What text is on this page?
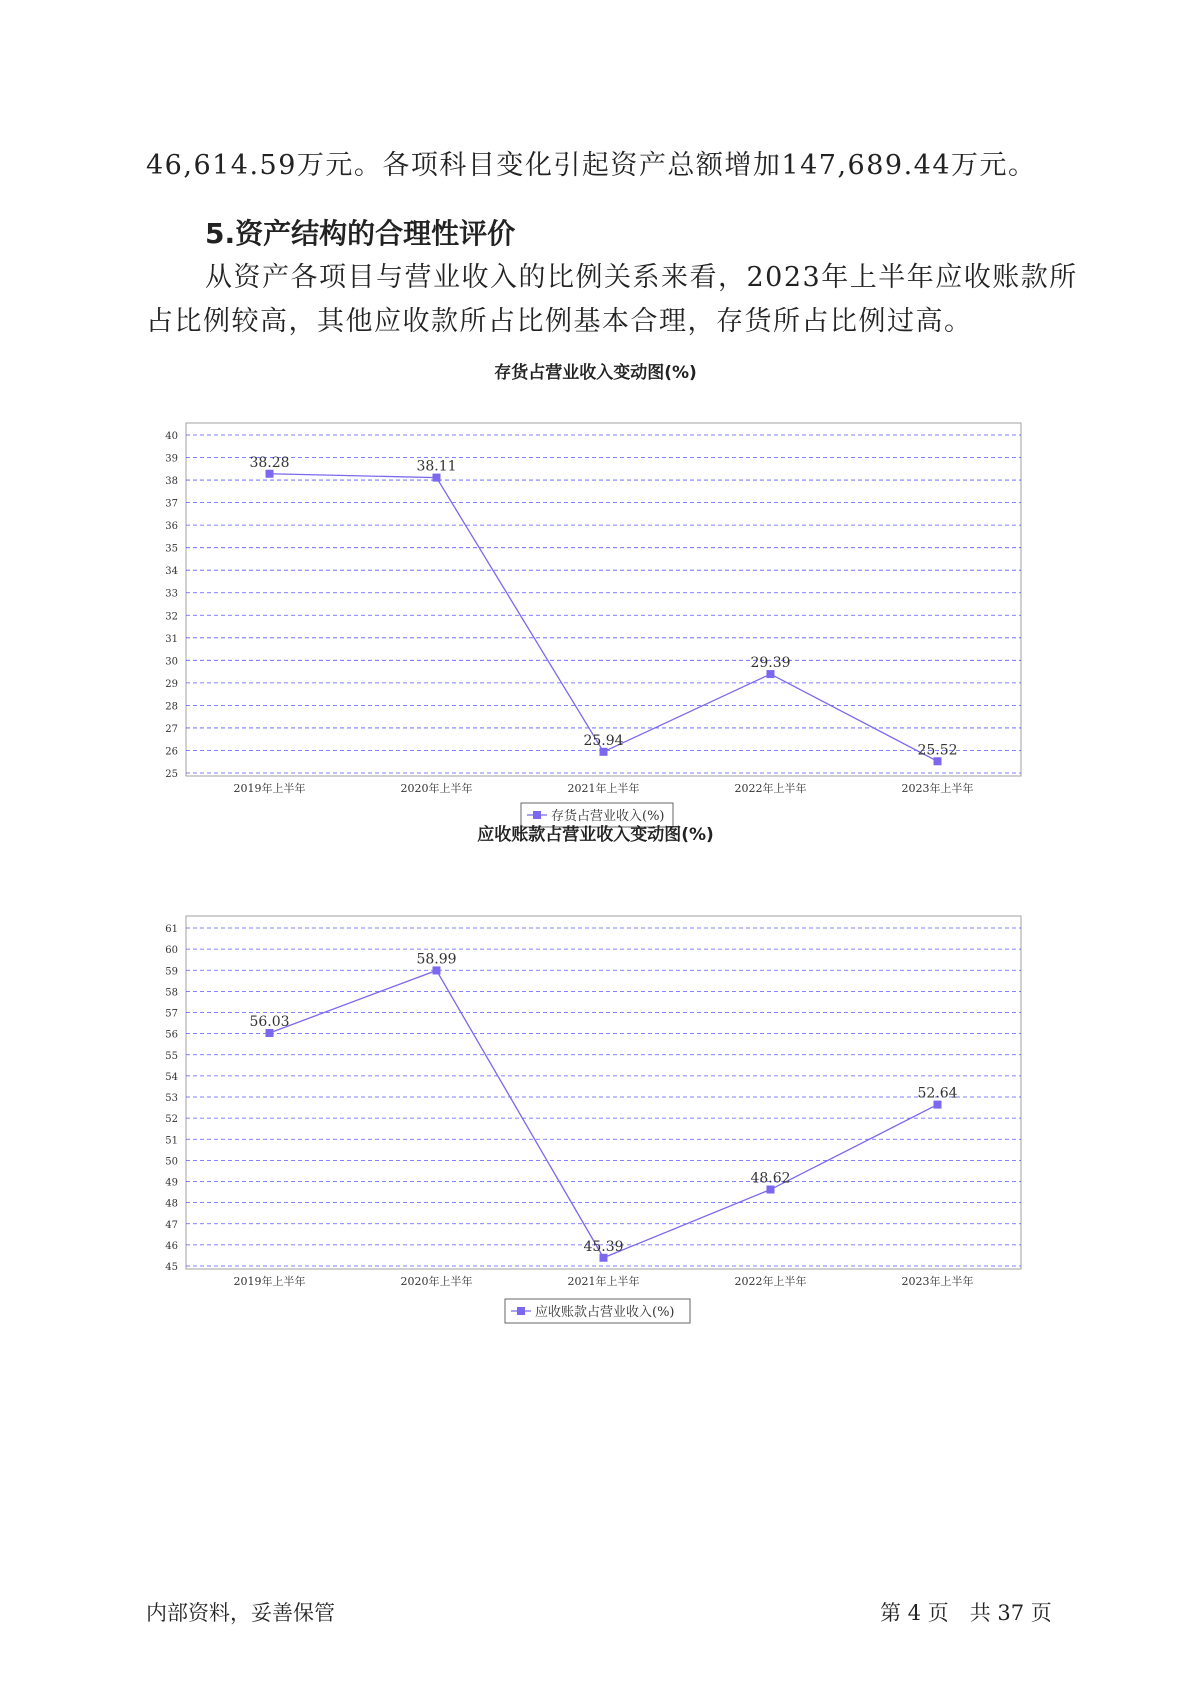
46,614.59万元。各项科目变化引起资产总额增加147,689.44万元。
5.资产结构的合理性评价
从资产各项目与营业收入的比例关系来看，2023年上半年应收账款所
占比例较高，其他应收款所占比例基本合理，存货所占比例过高。
存货占营业收入变动图(%)
25
26
27
28
29
30
31
32
33
34
35
36
37
38
39
40
2019年上半年	2020年上半年	2021年上半年	2022年上半年	2023年上半年
38.28	38.11
25.94
29.39
25.52
存货占营业收入(%)
应收账款占营业收入变动图(%)
45
46
47
48
49
50
51
52
53
54
55
56
57
58
59
60
61
2019年上半年	2020年上半年	2021年上半年	2022年上半年	2023年上半年
56.03
58.99
45.39
48.62
52.64
应收账款占营业收入(%)
内部资料，妥善保管	第 4 页　共 37 页
